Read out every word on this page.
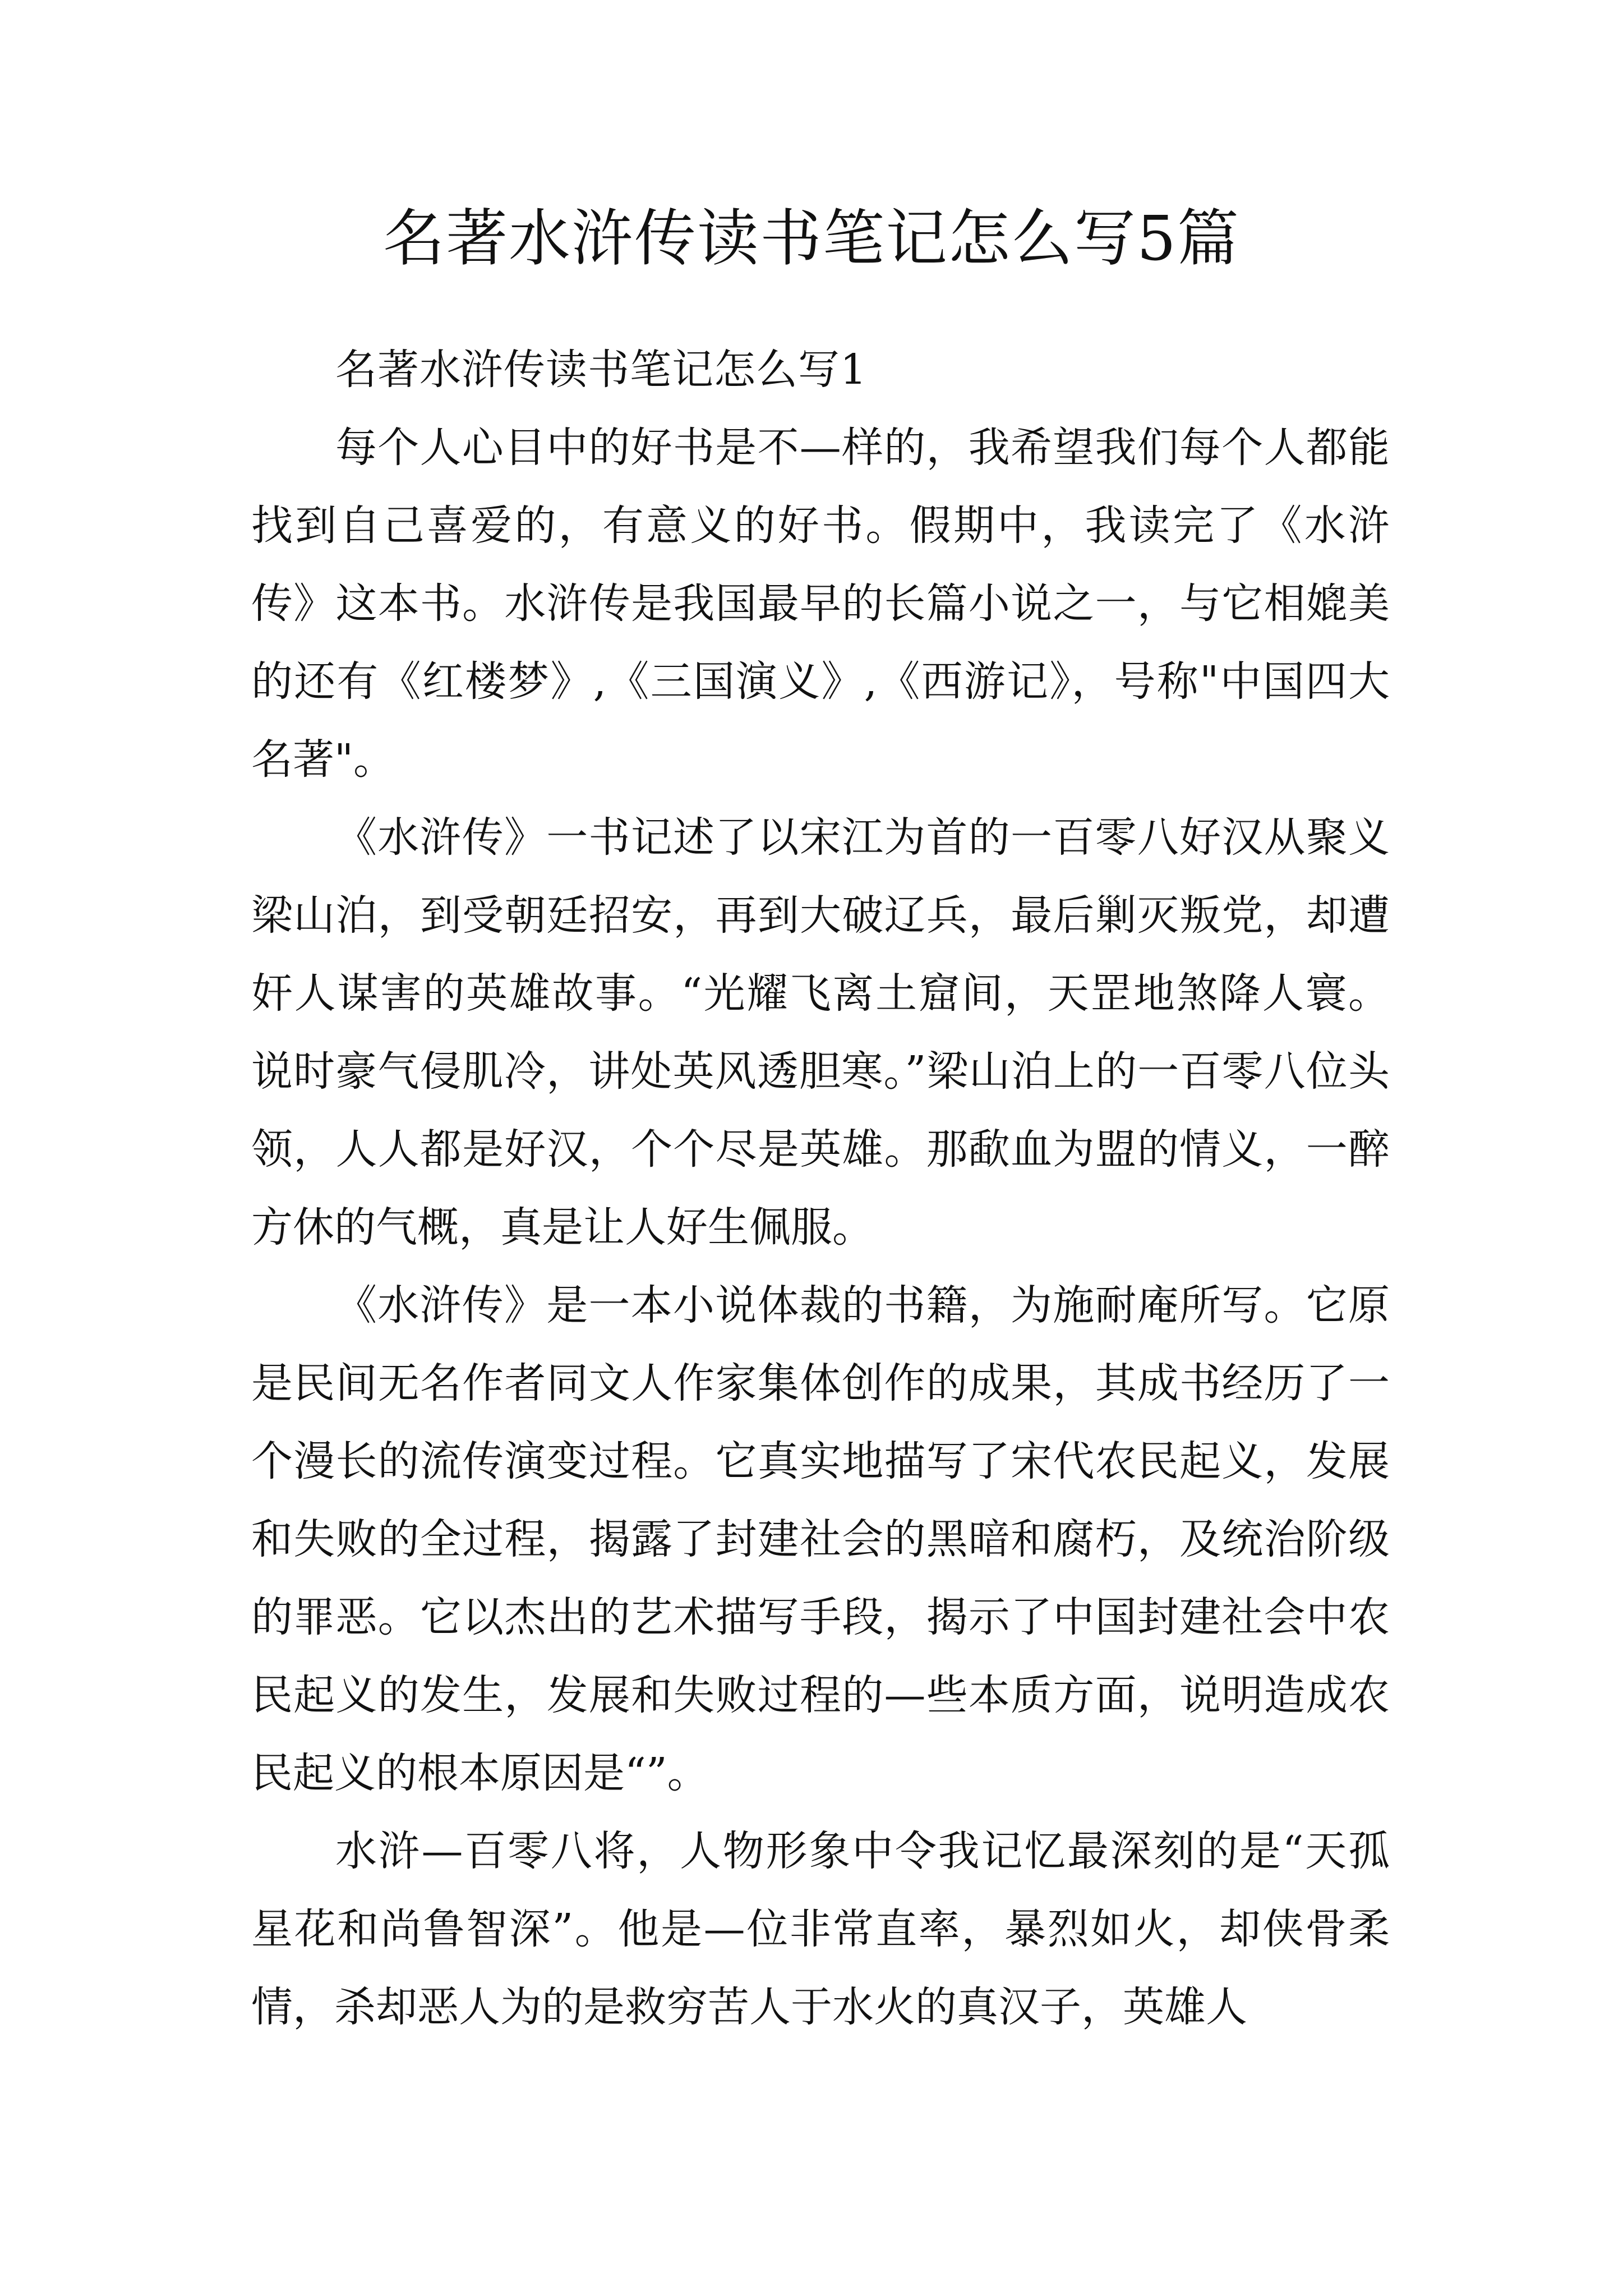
名著水浒传读书笔记怎么写5篇

名著水浒传读书笔记怎么写1

每个人心目中的好书是不—样的，我希望我们每个人都能找到自己喜爱的，有意义的好书。假期中，我读完了《水浒传》这本书。水浒传是我国最早的长篇小说之一，与它相媲美的还有《红楼梦》,《三国演义》,《西游记》，号称"中国四大名著"。

《水浒传》一书记述了以宋江为首的一百零八好汉从聚义梁山泊，到受朝廷招安，再到大破辽兵，最后剿灭叛党，却遭奸人谋害的英雄故事。“光耀飞离土窟间，天罡地煞降人寰。说时豪气侵肌冷，讲处英风透胆寒。”梁山泊上的一百零八位头领，人人都是好汉，个个尽是英雄。那歃血为盟的情义，一醉方休的气概，真是让人好生佩服。

《水浒传》是一本小说体裁的书籍，为施耐庵所写。它原是民间无名作者同文人作家集体创作的成果，其成书经历了一个漫长的流传演变过程。它真实地描写了宋代农民起义，发展和失败的全过程，揭露了封建社会的黑暗和腐朽，及统治阶级的罪恶。它以杰出的艺术描写手段，揭示了中国封建社会中农民起义的发生，发展和失败过程的—些本质方面，说明造成农民起义的根本原因是“”。

水浒—百零八将，人物形象中令我记忆最深刻的是“天孤星花和尚鲁智深”。他是—位非常直率，暴烈如火，却侠骨柔情，杀却恶人为的是救穷苦人于水火的真汉子，英雄人
